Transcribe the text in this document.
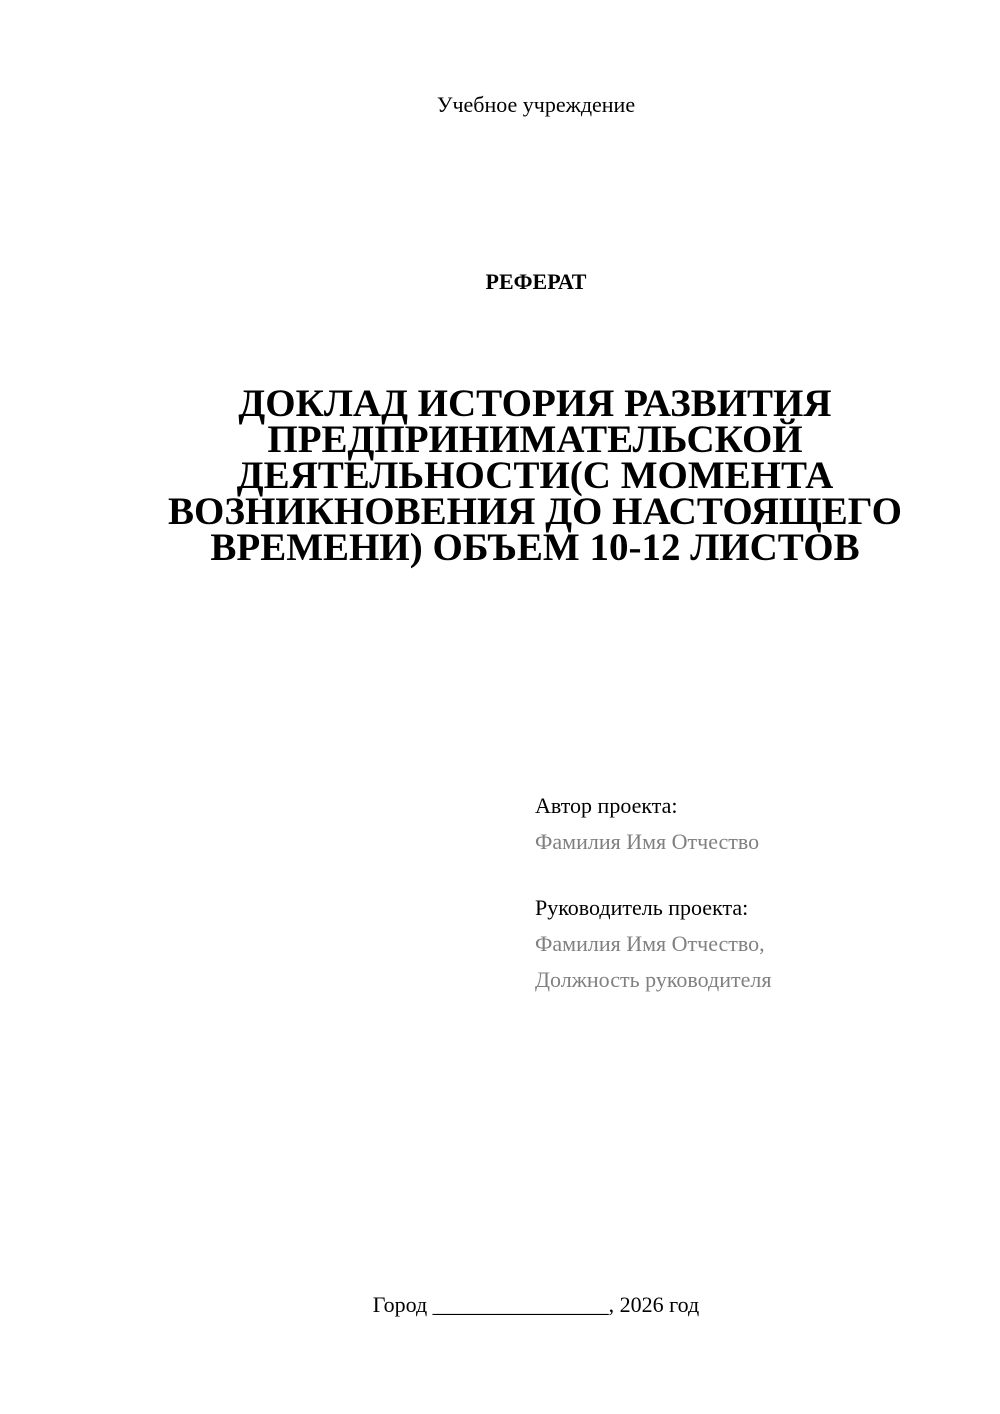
Учебное учреждение
РЕФЕРАТ
ДОКЛАД ИСТОРИЯ РАЗВИТИЯ
ПРЕДПРИНИМАТЕЛЬСКОЙ
ДЕЯТЕЛЬНОСТИ(С МОМЕНТА
ВОЗНИКНОВЕНИЯ ДО НАСТОЯЩЕГО
ВРЕМЕНИ) ОБЪЕМ 10-12 ЛИСТОВ
Автор проекта:
Фамилия Имя Отчество
Руководитель проекта:
Фамилия Имя Отчество,
Должность руководителя
Город ________________, 2026 год
